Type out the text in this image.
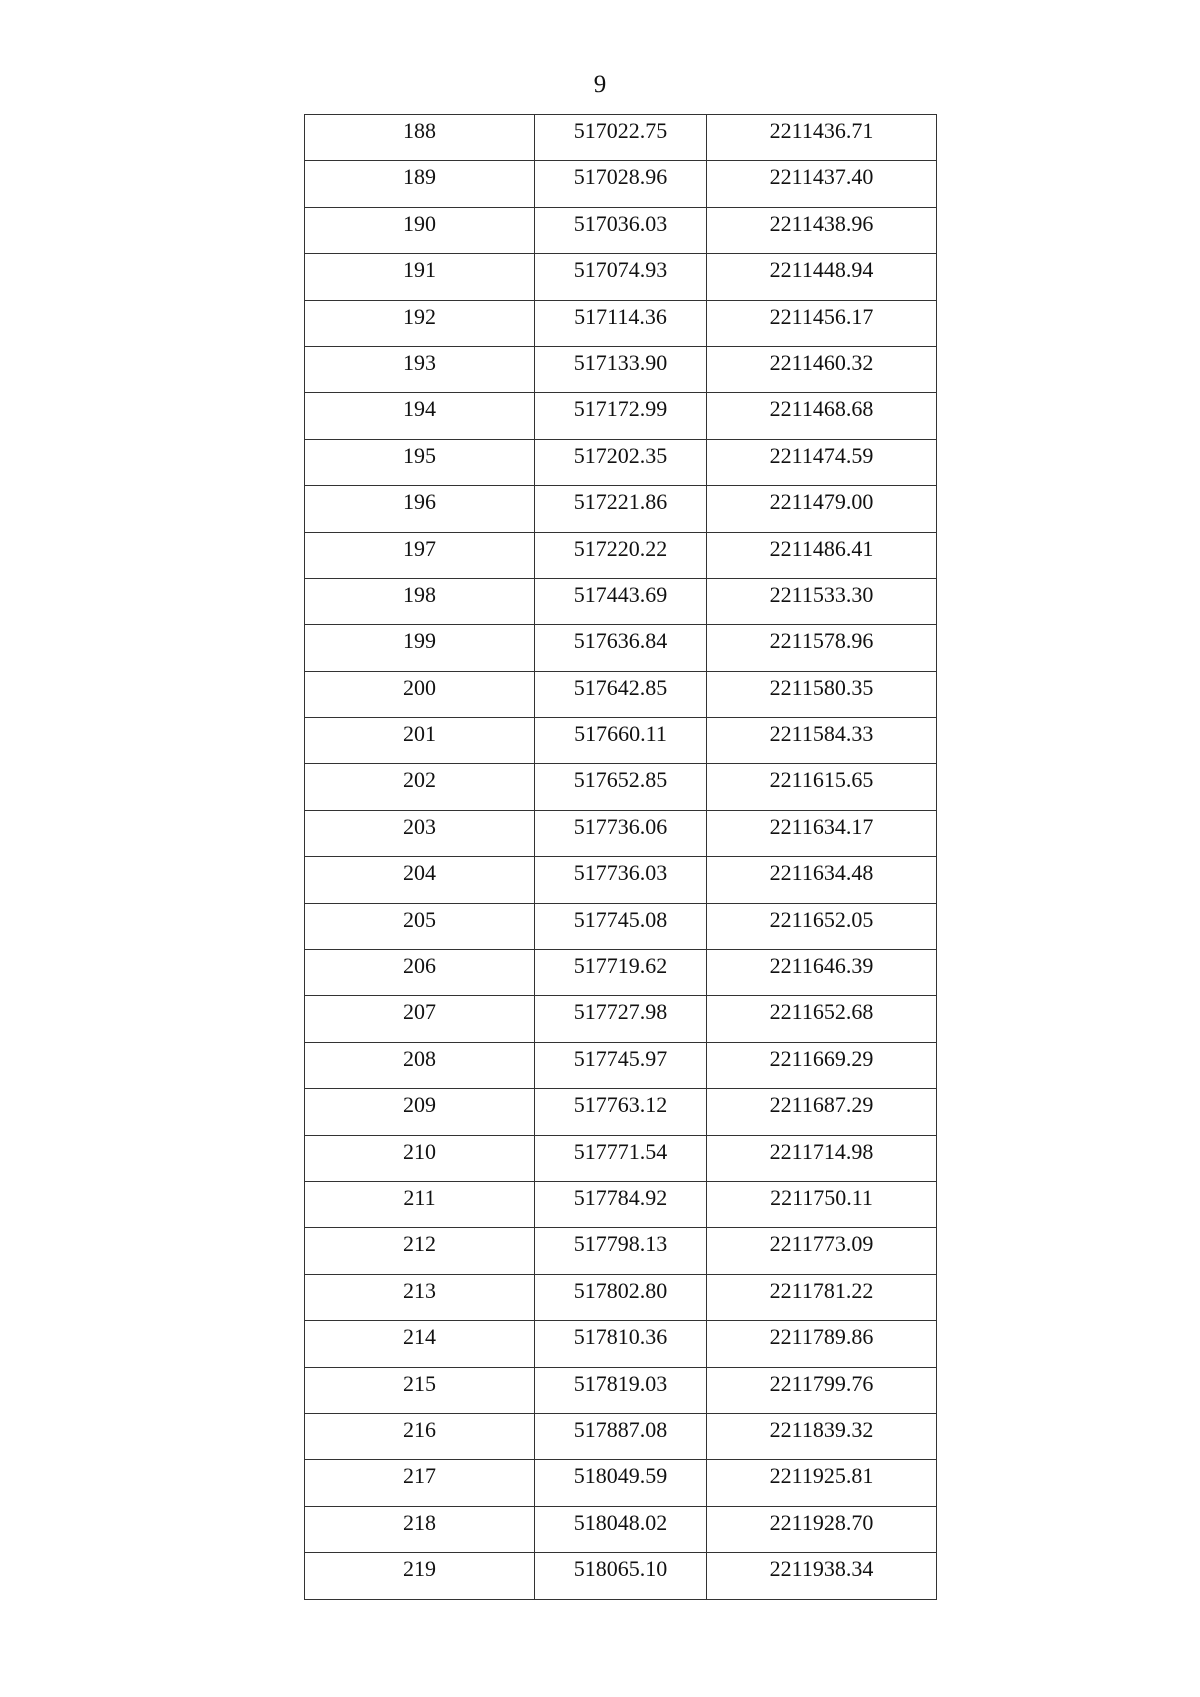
9
188	517022.75	2211436.71
189	517028.96	2211437.40
190	517036.03	2211438.96
191	517074.93	2211448.94
192	517114.36	2211456.17
193	517133.90	2211460.32
194	517172.99	2211468.68
195	517202.35	2211474.59
196	517221.86	2211479.00
197	517220.22	2211486.41
198	517443.69	2211533.30
199	517636.84	2211578.96
200	517642.85	2211580.35
201	517660.11	2211584.33
202	517652.85	2211615.65
203	517736.06	2211634.17
204	517736.03	2211634.48
205	517745.08	2211652.05
206	517719.62	2211646.39
207	517727.98	2211652.68
208	517745.97	2211669.29
209	517763.12	2211687.29
210	517771.54	2211714.98
211	517784.92	2211750.11
212	517798.13	2211773.09
213	517802.80	2211781.22
214	517810.36	2211789.86
215	517819.03	2211799.76
216	517887.08	2211839.32
217	518049.59	2211925.81
218	518048.02	2211928.70
219	518065.10	2211938.34
